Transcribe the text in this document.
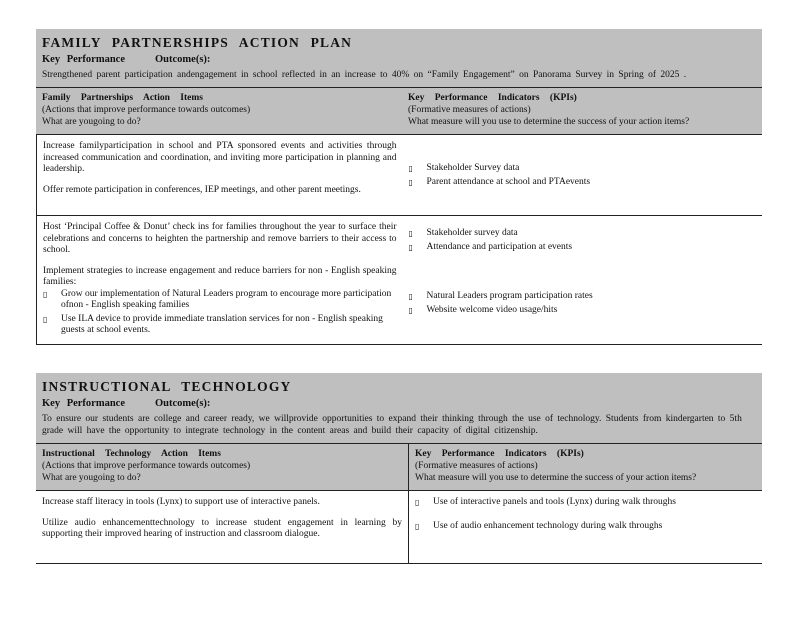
FAMILY PARTNERSHIPS ACTION PLAN
Key Performance	Outcome(s):
Strengthened parent participation andengagement in school reflected in an increase to 40% on “Family Engagement” on Panorama Survey in Spring of 2025 .
Family Partnerships Action Items
(Actions that improve performance towards outcomes)
What are yougoing to do?
Key Performance Indicators (KPIs)
(Formative measures of actions)
What measure will you use to determine the success of your action items?

Increase familyparticipation in school and PTA sponsored events and activities through increased communication and coordination, and inviting more participation in planning and leadership.

Offer remote participation in conferences, IEP meetings, and other parent meetings.

▯ Stakeholder Survey data
▯ Parent attendance at school and PTAevents

Host ‘Principal Coffee & Donut’ check ins for families throughout the year to surface their celebrations and concerns to heighten the partnership and remove barriers to their access to school.

Implement strategies to increase engagement and reduce barriers for non - English speaking families:

▯ Grow our implementation of Natural Leaders program to encourage more participation ofnon - English speaking families
▯ Use ILA device to provide immediate translation services for non - English speaking guests at school events.
▯ Stakeholder survey data
▯ Attendance and participation at events
▯ Natural Leaders program participation rates
▯ Website welcome video usage/hits
INSTRUCTIONAL TECHNOLOGY
Key Performance	Outcome(s):
To ensure our students are college and career ready, we willprovide opportunities to expand their thinking through the use of technology. Students from kindergarten to 5th grade will have the opportunity to integrate technology in the content areas and build their capacity of digital citizenship.
Instructional Technology Action Items
(Actions that improve performance towards outcomes)
What are yougoing to do?
Key Performance Indicators (KPIs)
(Formative measures of actions)
What measure will you use to determine the success of your action items?

Increase staff literacy in tools (Lynx) to support use of interactive panels.

Utilize audio enhancementtechnology to increase student engagement in learning by supporting their improved hearing of instruction and classroom dialogue.

▯ Use of interactive panels and tools (Lynx) during walk throughs
▯ Use of audio enhancement technology during walk throughs
